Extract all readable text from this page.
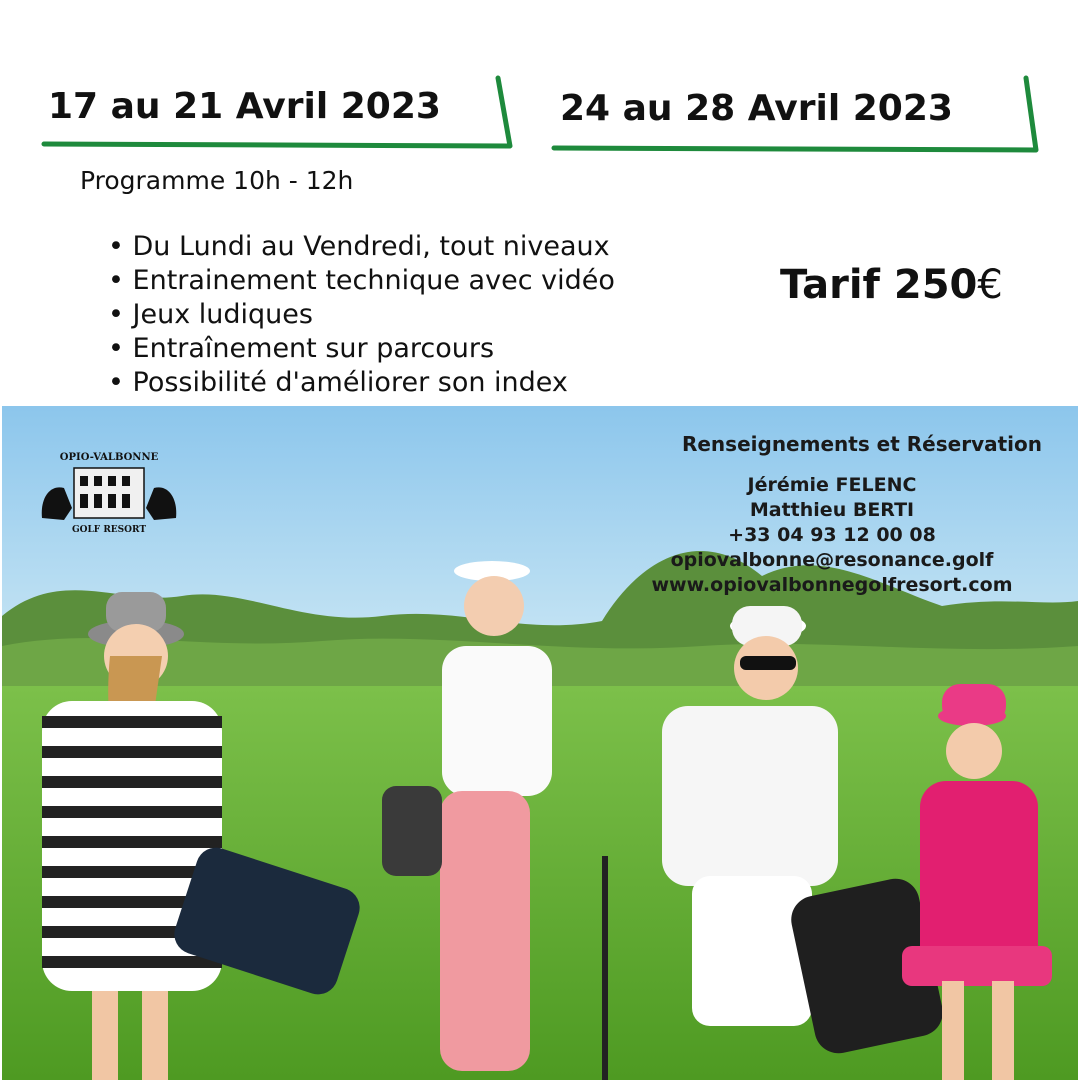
17 au 21 Avril 2023	24 au 28 Avril 2023
Programme 10h - 12h
• Du Lundi au Vendredi, tout niveaux
• Entrainement technique avec vidéo
• Jeux ludiques
• Entraînement sur parcours
• Possibilité d'améliorer son index
Tarif 250€
OPIO-VALBONNE
GOLF RESORT
Renseignements et Réservation
Jérémie FELENC
Matthieu BERTI
+33 04 93 12 00 08
opiovalbonne@resonance.golf
www.opiovalbonnegolfresort.com
